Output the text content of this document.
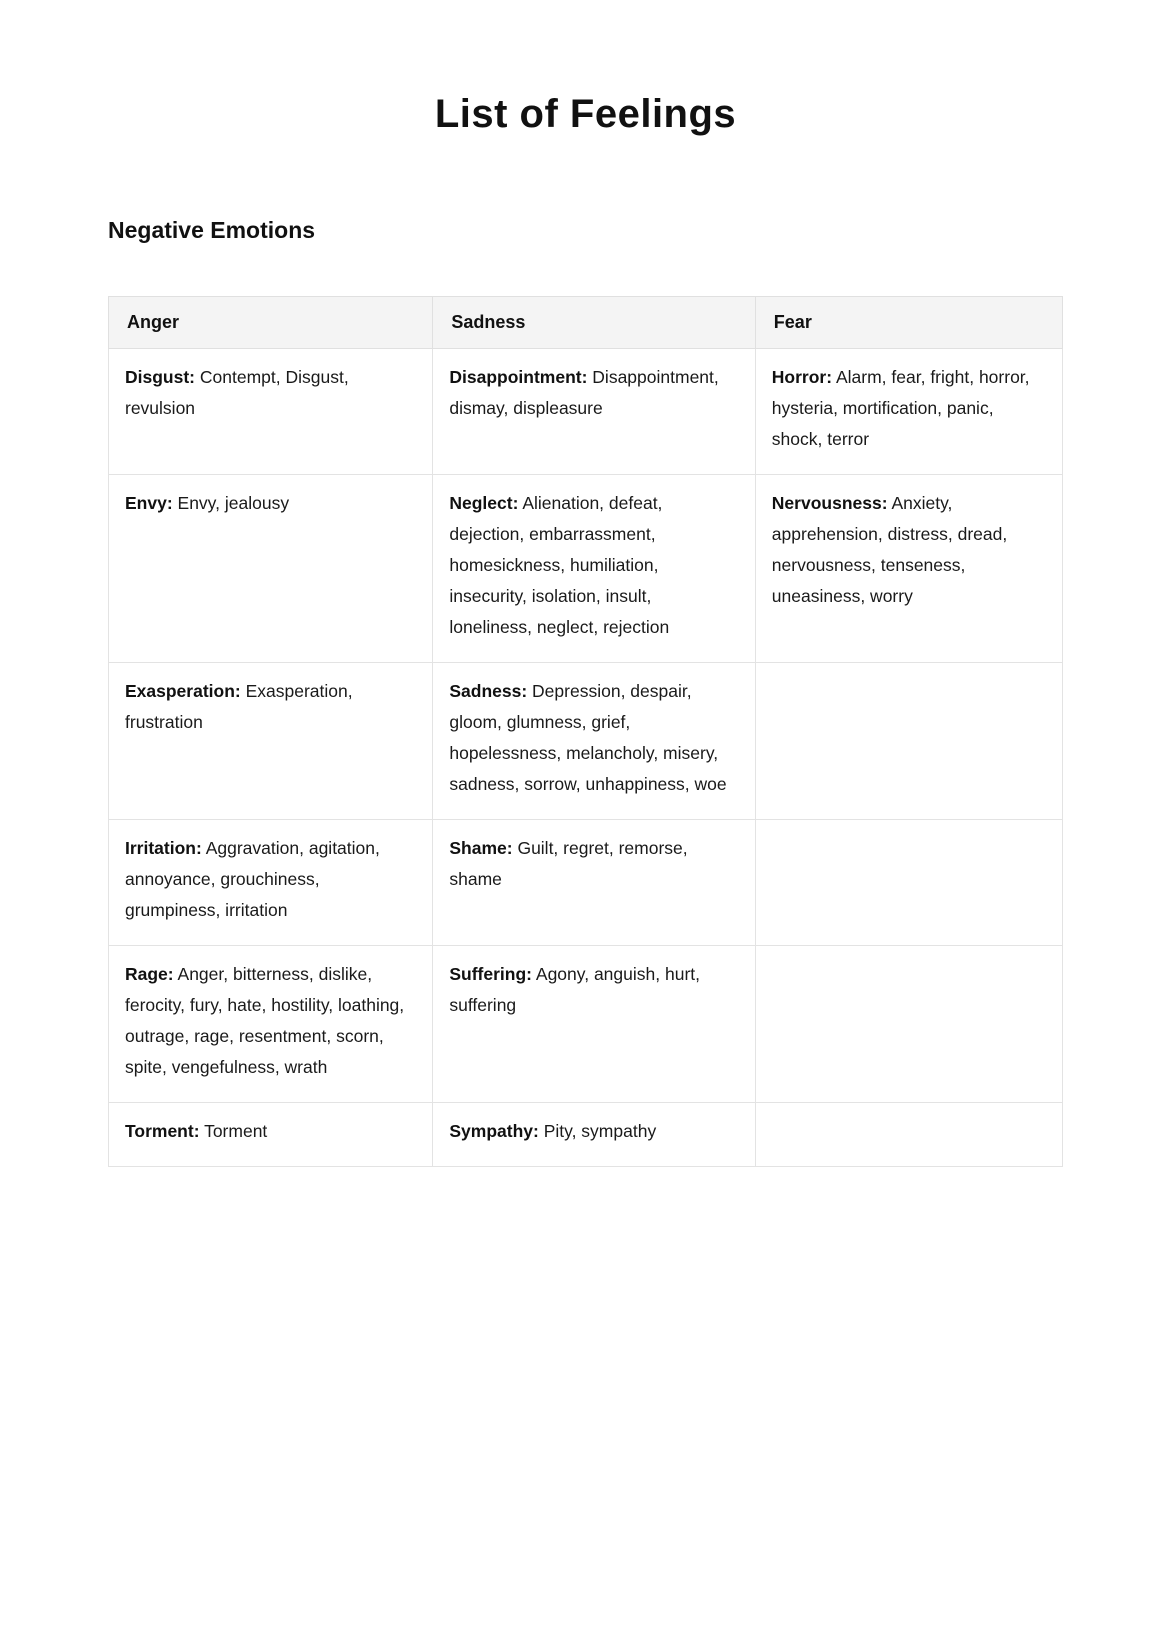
List of Feelings
Negative Emotions
Anger	Sadness	Fear
Disgust: Contempt, Disgust, revulsion	Disappointment: Disappointment, dismay, displeasure	Horror: Alarm, fear, fright, horror, hysteria, mortification, panic, shock, terror
Envy: Envy, jealousy	Neglect: Alienation, defeat, dejection, embarrassment, homesickness, humiliation, insecurity, isolation, insult, loneliness, neglect, rejection	Nervousness: Anxiety, apprehension, distress, dread, nervousness, tenseness, uneasiness, worry
Exasperation: Exasperation, frustration	Sadness: Depression, despair, gloom, glumness, grief, hopelessness, melancholy, misery, sadness, sorrow, unhappiness, woe	
Irritation: Aggravation, agitation, annoyance, grouchiness, grumpiness, irritation	Shame: Guilt, regret, remorse, shame	
Rage: Anger, bitterness, dislike, ferocity, fury, hate, hostility, loathing, outrage, rage, resentment, scorn, spite, vengefulness, wrath	Suffering: Agony, anguish, hurt, suffering	
Torment: Torment	Sympathy: Pity, sympathy	
